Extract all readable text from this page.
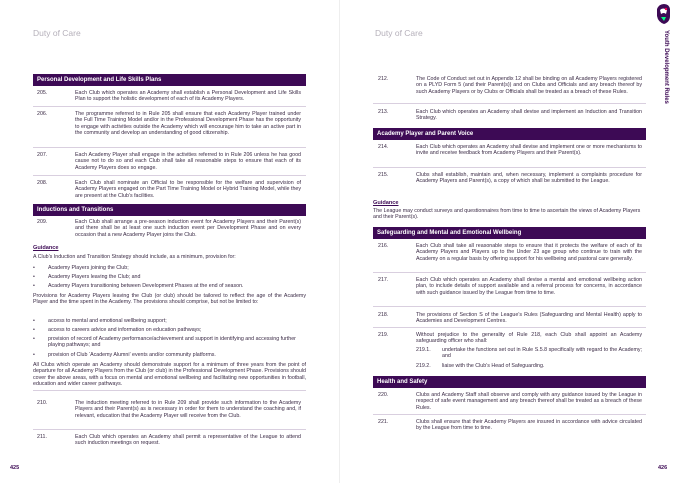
Duty of Care
Personal Development and Life Skills Plans
205.	Each Club which operates an Academy shall establish a Personal Development and Life Skills Plan to support the holistic development of each of its Academy Players.
206.	The programme referred to in Rule 205 shall ensure that each Academy Player trained under the Full Time Training Model and/or in the Professional Development Phase has the opportunity to engage with activities outside the Academy which will encourage him to take an active part in the community and develop an understanding of good citizenship.
207.	Each Academy Player shall engage in the activities referred to in Rule 206 unless he has good cause not to do so and each Club shall take all reasonable steps to ensure that each of its Academy Players does so engage.
208.	Each Club shall nominate an Official to be responsible for the welfare and supervision of Academy Players engaged on the Part Time Training Model or Hybrid Training Model, while they are present at the Club’s facilities.
Inductions and Transitions
209.	Each Club shall arrange a pre-season induction event for Academy Players and their Parent(s) and there shall be at least one such induction event per Development Phase and on every occasion that a new Academy Player joins the Club.
Guidance
A Club’s Induction and Transition Strategy should include, as a minimum, provision for:
• Academy Players joining the Club;
• Academy Players leaving the Club; and
• Academy Players transitioning between Development Phases at the end of season.
Provisions for Academy Players leaving the Club (or club) should be tailored to reflect the age of the Academy Player and the time spent in the Academy. The provisions should comprise, but not be limited to:
• access to mental and emotional wellbeing support;
• access to careers advice and information on education pathways;
• provision of record of Academy performance/achievement and support in identifying and accessing further playing pathways; and
• provision of Club ‘Academy Alumni’ events and/or community platforms.
All Clubs which operate an Academy should demonstrate support for a minimum of three years from the point of departure for all Academy Players from the Club (or club) in the Professional Development Phase. Provisions should cover the above areas, with a focus on mental and emotional wellbeing and facilitating new opportunities in football, education and wider career pathways.
210.	The induction meeting referred to in Rule 209 shall provide such information to the Academy Players and their Parent(s) as is necessary in order for them to understand the coaching and, if relevant, education that the Academy Player will receive from the Club.
211.	Each Club which operates an Academy shall permit a representative of the League to attend such induction meetings on request.
425
Duty of Care
212.	The Code of Conduct set out in Appendix 12 shall be binding on all Academy Players registered on a PLYD Form 5 (and their Parent(s)) and on Clubs and Officials and any breach thereof by such Academy Players or by Clubs or Officials shall be treated as a breach of these Rules.
213.	Each Club which operates an Academy shall devise and implement an Induction and Transition Strategy.
Academy Player and Parent Voice
214.	Each Club which operates an Academy shall devise and implement one or more mechanisms to invite and receive feedback from Academy Players and their Parent(s).
215.	Clubs shall establish, maintain and, when necessary, implement a complaints procedure for Academy Players and Parent(s), a copy of which shall be submitted to the League.
Guidance
The League may conduct surveys and questionnaires from time to time to ascertain the views of Academy Players and their Parent(s).
Safeguarding and Mental and Emotional Wellbeing
216.	Each Club shall take all reasonable steps to ensure that it protects the welfare of each of its Academy Players and Players up to the Under 23 age group who continue to train with the Academy on a regular basis by offering support for his wellbeing and pastoral care generally.
217.	Each Club which operates an Academy shall devise a mental and emotional wellbeing action plan, to include details of support available and a referral process for concerns, in accordance with such guidance issued by the League from time to time.
218.	The provisions of Section S of the League’s Rules (Safeguarding and Mental Health) apply to Academies and Development Centres.
219.	Without prejudice to the generality of Rule 218, each Club shall appoint an Academy safeguarding officer who shall:
219.1. undertake the functions set out in Rule S.5.8 specifically with regard to the Academy; and
219.2. liaise with the Club’s Head of Safeguarding.
Health and Safety
220.	Clubs and Academy Staff shall observe and comply with any guidance issued by the League in respect of safe event management and any breach thereof shall be treated as a breach of these Rules.
221.	Clubs shall ensure that their Academy Players are insured in accordance with advice circulated by the League from time to time.
426
Youth Development Rules
